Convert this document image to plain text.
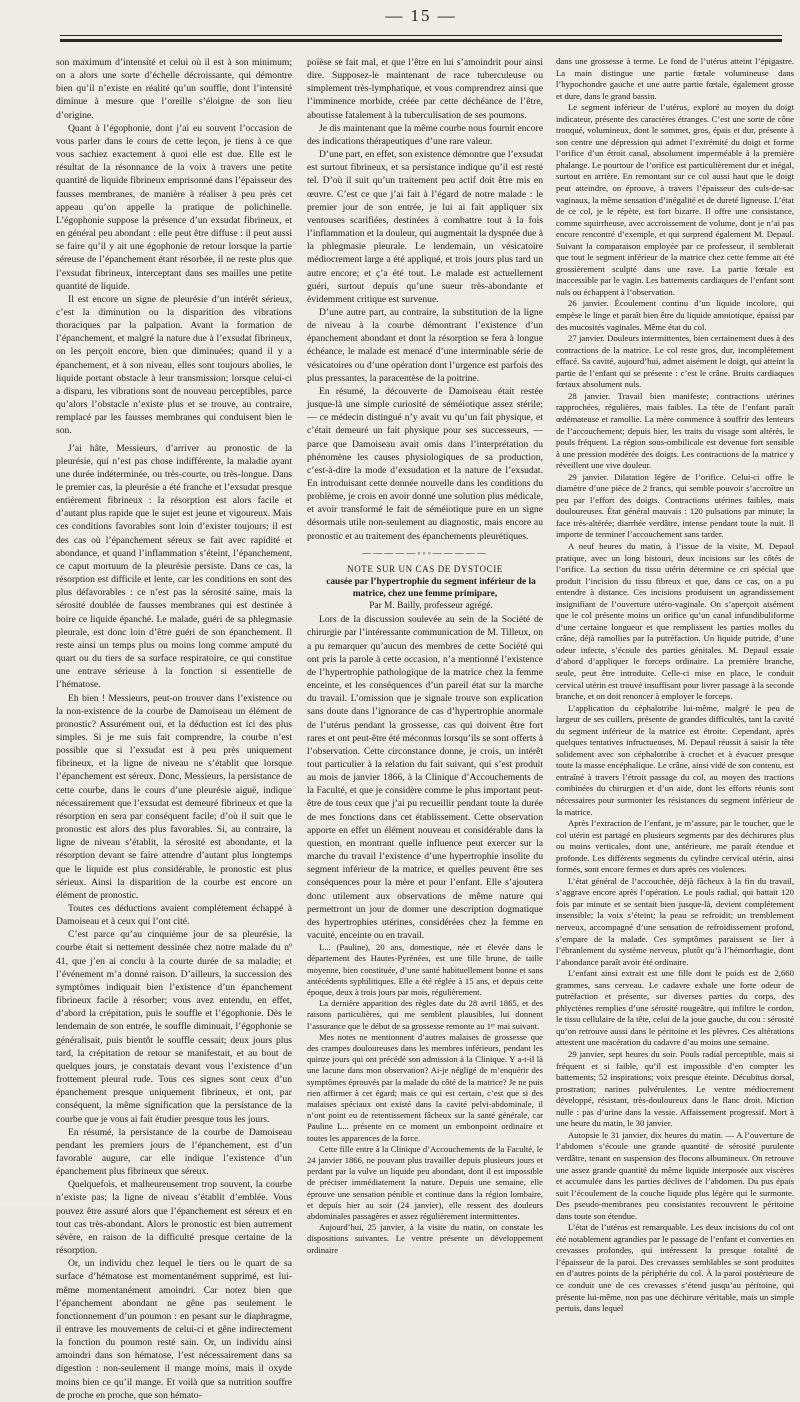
— 15 —

son maximum d’intensité et celui où il est à son minimum; on a alors une sorte d’échelle décroissante, qui démontre bien qu’il n’existe en réalité qu’un souffle, dont l’intensité diminue à mesure que l’oreille s’éloigne de son lieu d’origine.

Quant à l’égophonie, dont j’ai eu souvent l’occasion de vous parler dans le cours de cette leçon, je tiens à ce que vous sachiez exactement à quoi elle est due. Elle est le résultat de la résonnance de la voix à travers une petite quantité de liquide fibrineux emprisonné dans l’épaisseur des fausses membranes, de manière à réaliser à peu près cet appeau qu’on appelle la pratique de polichinelle. L’égophonie suppose la présence d’un exsudat fibrineux, et en général peu abondant : elle peut être diffuse : il peut aussi se faire qu’il y ait une égophonie de retour lorsque la partie séreuse de l’épanchement étant résorbée, il ne reste plus que l’exsudat fibrineux, interceptant dans ses mailles une petite quantité de liquide.

Il est encore un signe de pleurésie d’un intérêt sérieux, c’est la diminution ou la disparition des vibrations thoraciques par la palpation. Avant la formation de l’épanchement, et malgré la nature due à l’exsudat fibrineux, on les perçoit encore, bien que diminuées; quand il y a épanchement, et à son niveau, elles sont toujours abolies, le liquide portant obstacle à leur transmission; lorsque celui-ci a disparu, les vibrations sont de nouveau perceptibles, parce qu’alors l’obstacle n’existe plus et se trouve, au contraire, remplacé par les fausses membranes qui conduisent bien le son.

J’ai hâte, Messieurs, d’arriver au pronostic de la pleurésie, qui n’est pas chose indifférente, la maladie ayant une durée indéterminée, ou très-courte, ou très-longue. Dans le premier cas, la pleurésie a été franche et l’exsudat presque entièrement fibrineux : la résorption est alors facile et d’autant plus rapide que le sujet est jeune et vigoureux. Mais ces conditions favorables sont loin d’exister toujours; il est des cas où l’épanchement séreux se fait avec rapidité et abondance, et quand l’inflammation s’éteint, l’épanchement, ce caput mortuum de la pleurésie persiste. Dans ce cas, la résorption est difficile et lente, car les conditions en sont des plus défavorables : ce n’est pas la sérosité saine, mais la sérosité doublée de fausses membranes qui est destinée à boire ce liquide épanché. Le malade, guéri de sa phlegmasie pleurale, est donc loin d’être guéri de son épanchement. Il reste ainsi un temps plus ou moins long comme amputé du quart ou du tiers de sa surface respiratoire, ce qui constitue une entrave sérieuse à la fonction si essentielle de l’hématose.

Eh bien ! Messieurs, peut-on trouver dans l’existence ou la non-existence de la courbe de Damoiseau un élément de pronostic? Assurément oui, et la déduction est ici des plus simples. Si je me suis fait comprendre, la courbe n’est possible que si l’exsudat est à peu près uniquement fibrineux, et la ligne de niveau ne s’établit que lorsque l’épanchement est séreux. Donc, Messieurs, la persistance de cette courbe, dans le cours d’une pleurésie aiguë, indique nécessairement que l’exsudat est demeuré fibrineux et que la résorption en sera par conséquent facile; d’où il suit que le pronostic est alors des plus favorables. Si, au contraire, la ligne de niveau s’établit, la sérosité est abondante, et la résorption devant se faire attendre d’autant plus longtemps que le liquide est plus considérable, le pronostic est plus sérieux. Ainsi la disparition de la courbe est encore un élément de pronostic.

Toutes ces déductions avaient complétement échappé à Damoiseau et à ceux qui l’ont cité.

C’est parce qu’au cinquième jour de sa pleurésie, la courbe était si nettement dessinée chez notre malade du nº 41, que j’en ai conclu à la courte durée de sa maladie; et l’événement m’a donné raison. D’ailleurs, la succession des symptômes indiquait bien l’existence d’un épanchement fibrineux facile à résorber; vous avez entendu, en effet, d’abord la crépitation, puis le souffle et l’égophonie. Dès le lendemain de son entrée, le souffle diminuait, l’égophonie se généralisait, puis bientôt le souffle cessait; deux jours plus tard, la crépitation de retour se manifestait, et au bout de quelques jours, je constatais devant vous l’existence d’un frottement pleural rude. Tous ces signes sont ceux d’un épanchement presque uniquement fibrineux, et ont, par conséquent, la même signification que la persistance de la courbe que je vous ai fait étudier presque tous les jours.

En résumé, la persistance de la courbe de Damoiseau pendant les premiers jours de l’épanchement, est d’un favorable augure, car elle indique l’existence d’un épanchement plus fibrineux que séreux.

Quelquefois, et malheureusement trop souvent, la courbe n’existe pas; la ligne de niveau s’établit d’emblée. Vous pouvez être assuré alors que l’épanchement est séreux et en tout cas très-abondant. Alors le pronostic est bien autrement sévère, en raison de la difficulté presque certaine de la résorption.

Or, un individu chez lequel le tiers ou le quart de sa surface d’hématose est momentanément supprimé, est lui-même momentanément amoindri. Car notez bien que l’épanchement abondant ne gêne pas seulement le fonctionnement d’un poumon : en pesant sur le diaphragme, il entrave les mouvements de celui-ci et gêne indirectement la fonction du poumon resté sain. Or, un individu ainsi amoindri dans son hématose, l’est nécessairement dans sa digestion : non-seulement il mange moins, mais il oxyde moins bien ce qu’il mange. Et voilà que sa nutrition souffre de proche en proche, que son hémato-

poïèse se fait mal, et que l’être en lui s’amoindrit pour ainsi dire. Supposez-le maintenant de race tuberculeuse ou simplement très-lymphatique, et vous comprendrez ainsi que l’imminence morbide, créée par cette déchéance de l’être, aboutisse fatalement à la tuberculisation de ses poumons.

Je dis maintenant que la même courbe nous fournit encore des indications thérapeutiques d’une rare valeur.

D’une part, en effet, son existence démontre que l’exsudat est surtout fibrineux, et sa persistance indique qu’il est resté tel. D’où il suit qu’un traitement peu actif doit être mis en œuvre. C’est ce que j’ai fait à l’égard de notre malade : le premier jour de son entrée, je lui ai fait appliquer six ventouses scarifiées, destinées à combattre tout à la fois l’inflammation et la douleur, qui augmentait la dyspnée due à la phlegmasie pleurale. Le lendemain, un vésicatoire médiocrement large a été appliqué, et trois jours plus tard un autre encore; et ç’a été tout. Le malade est actuellement guéri, surtout depuis qu’une sueur très-abondante et évidemment critique est survenue.

D’une autre part, au contraire, la substitution de la ligne de niveau à la courbe démontrant l’existence d’un épanchement abondant et dont la résorption se fera à longue échéance, le malade est menacé d’une interminable série de vésicatoires ou d’une opération dont l’urgence est parfois des plus pressantes, la paracentèse de la poitrine.

En résumé, la découverte de Damoiseau était restée jusque-là une simple curiosité de séméiotique assez stérile; — ce médecin distingué n’y avait vu qu’un fait physique, et c’était demeuré un fait physique pour ses successeurs, — parce que Damoiseau avait omis dans l’interprétation du phénomène les causes physiologiques de sa production, c’est-à-dire la mode d’exsudation et la nature de l’exsudat. En introduisant cette donnée nouvelle dans les conditions du problème, je crois en avoir donné une solution plus médicale, et avoir transformé le fait de séméiotique pure en un signe désormais utile non-seulement au diagnostic, mais encore au pronostic et au traitement des épanchements pleurétiques.

—————◦◦◦—————

NOTE SUR UN CAS DE DYSTOCIE

causée par l’hypertrophie du segment inférieur de la matrice, chez une femme primipare,

Par M. Bailly, professeur agrégé.

Lors de la discussion soulevée au sein de la Société de chirurgie par l’intéressante communication de M. Tilleux, on a pu remarquer qu’aucun des membres de cette Société qui ont pris la parole à cette occasion, n’a mentionné l’existence de l’hypertrophie pathologique de la matrice chez la femme enceinte, et les conséquences d’un pareil état sur la marche du travail. L’omission que je signale trouve son explication sans doute dans l’ignorance de cas d’hypertrophie anormale de l’utérus pendant la grossesse, cas qui doivent être fort rares et ont peut-être été méconnus lorsqu’ils se sont offerts à l’observation. Cette circonstance donne, je crois, un intérêt tout particulier à la relation du fait suivant, qui s’est produit au mois de janvier 1866, à la Clinique d’Accouchements de la Faculté, et que je considère comme le plus important peut-être de tous ceux que j’ai pu recueillir pendant toute la durée de mes fonctions dans cet établissement. Cette observation apporte en effet un élément nouveau et considérable dans la question, en montrant quelle influence peut exercer sur la marche du travail l’existence d’une hypertrophie insolite du segment inférieur de la matrice, et quelles peuvent être ses conséquences pour la mère et pour l’enfant. Elle s’ajoutera donc utilement aux observations de même nature qui permettront un jour de donner une description dogmatique des hypertrophies utérines, considérées chez la femme en vacuité, enceinte ou en travail.

L... (Pauline), 20 ans, domestique, née et élevée dans le département des Hautes-Pyrénées, est une fille brune, de taille moyenne, bien constituée, d’une santé habituellement bonne et sans antécédents syphilitiques. Elle a été réglée à 15 ans, et depuis cette époque, deux à trois jours par mois, régulièrement.

La dernière apparition des règles date du 28 avril 1865, et des raisons particulières, qui me semblent plausibles, lui donnent l’assurance que le début de sa grossesse remonte au 1ᵉʳ mai suivant.

Mes notes ne mentionnent d’autres malaises de grossesse que des crampes douloureuses dans les membres inférieurs, pendant les quinze jours qui ont précédé son admission à la Clinique. Y a-t-il là une lacune dans mon observation? Ai-je négligé de m’enquérir des symptômes éprouvés par la malade du côté de la matrice? Je ne puis rien affirmer à cet égard; mais ce qui est certain, c’est que si des malaises spéciaux ont existé dans la cavité pelvi-abdominale, il n’ont point eu de retentissement fâcheux sur la santé générale, car Pauline L... présente en ce moment un embonpoint ordinaire et toutes les apparences de la force.

Cette fille entre à la Clinique d’Accouchements de la Faculté, le 24 janvier 1866, ne pouvant plus travailler depuis plusieurs jours et perdant par la vulve un liquide peu abondant, dont il est impossible de préciser immédiatement la nature. Depuis une semaine, elle éprouve une sensation pénible et continue dans la région lombaire, et depuis hier au soir (24 janvier), elle ressent des douleurs abdominales passagères et assez régulièrement intermittentes.

Aujourd’hui, 25 janvier, à la visite du matin, on constate les dispositions suivantes. Le ventre présente un développement ordinaire

dans une grossesse à terme. Le fond de l’utérus atteint l’épigastre. La main distingue une partie fœtale volumineuse dans l’hypochondre gauche et une autre partie fœtale, également grosse et dure, dans le grand bassin.

Le segment inférieur de l’utérus, exploré au moyen du doigt indicateur, présente des caractères étranges. C’est une sorte de cône tronqué, volumineux, dont le sommet, gros, épais et dur, présente à son centre une dépression qui admet l’extrémité du doigt et forme l’orifice d’un étroit canal, absolument imperméable à la première phalange. Le pourtour de l’orifice est particulièrement dur et inégal, surtout en arrière. En remontant sur ce col aussi haut que le doigt peut atteindre, on éprouve, à travers l’épaisseur des culs-de-sac vaginaux, la même sensation d’inégalité et de dureté ligneuse. L’état de ce col, je le répète, est fort bizarre. Il offre une consistance, comme squirrheuse, avec accroissement de volume, dont je n’ai pas encore rencontré d’exemple, et qui surprend également M. Depaul. Suivant la comparaison employée par ce professeur, il semblerait que tout le segment inférieur de la matrice chez cette femme ait été grossièrement sculpté dans une rave. La partie fœtale est inaccessible par le vagin. Les battements cardiaques de l’enfant sont nuls ou échappent à l’observation.

26 janvier. Écoulement continu d’un liquide incolore, qui empèse le linge et paraît bien être du liquide amniotique, épaissi par des mucosités vaginales. Même état du col.

27 janvier. Douleurs intermittentes, bien certainement dues à des contractions de la matrice. Le col reste gros, dur, incomplétement effacé. Sa cavité, aujourd’hui, admet aisément le doigt, qui atteint la partie de l’enfant qui se présente : c’est le crâne. Bruits cardiaques fœtaux absolument nuls.

28 janvier. Travail bien manifeste; contractions utérines rapprochées, régulières, mais faibles. La tête de l’enfant paraît œdémateuse et ramollie. La mère commence à souffrir des lenteurs de l’accouchement; depuis hier, les traits du visage sont altérés, le pouls fréquent. La région sous-ombilicale est devenue fort sensible à une pression modérée des doigts. Les contractions de la matrice y réveillent une vive douleur.

29 janvier. Dilatation légère de l’orifice. Celui-ci offre le diamètre d’une pièce de 2 francs, qui semble pouvoir s’accroître un peu par l’effort des doigts. Contractions utérines faibles, mais douloureuses. État général mauvais : 120 pulsations par minute; la face très-altérée; diarrhée verdâtre, intense pendant toute la nuit. Il importe de terminer l’accouchement sans tarder.

A neuf heures du matin, à l’issue de la visite, M. Depaul pratique, avec un long bistouri, deux incisions sur les côtés de l’orifice. La section du tissu utérin détermine ce cri spécial que produit l’incision du tissu fibreux et que, dans ce cas, on a pu entendre à distance. Ces incisions produisent un agrandissement insignifiant de l’ouverture utéro-vaginale. On s’aperçoit aisément que le col présente moins un orifice qu’un canal infundibuliforme d’une certaine longueur et que remplissent les parties molles du crâne, déjà ramollies par la putréfaction. Un liquide putride, d’une odeur infecte, s’écoule des parties génitales. M. Depaul essaie d’abord d’appliquer le forceps ordinaire. La première branche, seule, peut être introduite. Celle-ci mise en place, le conduit cervical utérin est trouvé insuffisant pour livrer passage à la seconde branche, et on doit renoncer à employer le forceps.

L’application du céphalotribe lui-même, malgré le peu de largeur de ses cuillers, présente de grandes difficultés, tant la cavité du segment inférieur de la matrice est étroite. Cependant, après quelques tentatives infructueuses, M. Depaul réussit à saisir la tête solidement avec son céphalotribe à crochet et à évacuer presque toute la masse encéphalique. Le crâne, ainsi vidé de son contenu, est entraîné à travers l’étroit passage du col, au moyen des tractions combinées du chirurgien et d’un aide, dont les efforts réunis sont nécessaires pour surmonter les résistances du segment inférieur de la matrice.

Après l’extraction de l’enfant, je m’assure, par le toucher, que le col utérin est partagé en plusieurs segments par des déchirures plus ou moins verticales, dont une, antérieure, me paraît étendue et profonde. Les différents segments du cylindre cervical utérin, ainsi formés, sont encore fermes et durs après ces violences.

L’état général de l’accouchée, déjà fâcheux à la fin du travail, s’aggrave encore après l’opération. Le pouls radial, qui battait 120 fois par minute et se sentait bien jusque-là, devient complétement insensible; la voix s’éteint; la peau se refroidit; un tremblement nerveux, accompagné d’une sensation de refroidissement profond, s’empare de la malade. Ces symptômes paraissent se lier à l’ébranlement du système nerveux, plutôt qu’à l’hémorrhagie, dont l’abondance paraît avoir été ordinaire.

L’enfant ainsi extrait est une fille dont le poids est de 2,660 grammes, sans cerveau. Le cadavre exhale une forte odeur de putréfaction et présente, sur diverses parties du corps, des phlyctènes remplies d’une sérosité rougeâtre, qui infiltre le cordon, le tissu cellulaire de la tête, celui de la joue gauche, du cou : sérosité qu’on retrouve aussi dans le péritoine et les plèvres. Ces altérations attestent une macération du cadavre d’au moins une semaine.

29 janvier, sept heures du soir. Pouls radial perceptible, mais si fréquent et si faible, qu’il est impossible d’en compter les battements; 52 inspirations; voix presque éteinte. Décubitus dorsal, prostration; narines pulvérulentes. Le ventre médiocrement développé, résistant, très-douloureux dans le flanc droit. Miction nulle : pas d’urine dans la vessie. Affaissement progressif. Mort à une heure du matin, le 30 janvier.

Autopsie le 31 janvier, dix heures du matin. — A l’ouverture de l’abdomen s’écoule une grande quantité de sérosité purulente verdâtre, tenant en suspension des flocons albumineux. On retrouve une assez grande quantité du même liquide interposée aux viscères et accumulée dans les parties déclives de l’abdomen. Du pus épais suit l’écoulement de la couche liquide plus légère qui le surmonte. Des pseudo-membranes peu consistantes recouvrent le péritoine dans toute son étendue.

L’état de l’utérus est remarquable. Les deux incisions du col ont été notablement agrandies par le passage de l’enfant et converties en crevasses profondes, qui intéressent la presque totalité de l’épaisseur de la paroi. Des crevasses semblables se sont produites en d’autres points de la périphérie du col. À la paroi postérieure de ce conduit une de ces crevasses s’étend jusqu’au péritoine, qui présente lui-même, non pas une déchirure véritable, mais un simple pertuis, dans lequel
